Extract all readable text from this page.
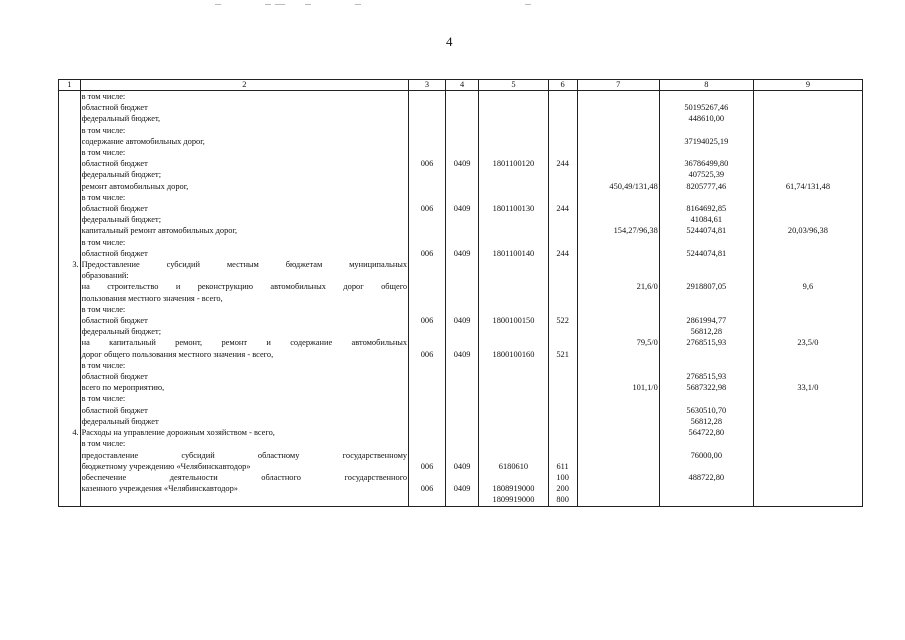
4
1	2	3	4	5	6	7	8	9
	в том числе:							
	областной бюджет						50195267,46	
	федеральный бюджет,						448610,00	
	в том числе:							
	содержание автомобильных дорог,						37194025,19	
	в том числе:							
	областной бюджет	006	0409	1801100120	244		36786499,80	
	федеральный бюджет;						407525,39	
	ремонт автомобильных дорог,					450,49/131,48	8205777,46	61,74/131,48
	в том числе:							
	областной бюджет	006	0409	1801100130	244		8164692,85	
	федеральный бюджет;						41084,61	
	капитальный ремонт автомобильных дорог,					154,27/96,38	5244074,81	20,03/96,38
	в том числе:							
	областной бюджет	006	0409	1801100140	244		5244074,81	
3.	Предоставление субсидий местным бюджетам муниципальных							
	образований:							
	на строительство и реконструкцию автомобильных дорог общего					21,6/0	2918807,05	9,6
	пользования местного значения - всего,							
	в том числе:							
	областной бюджет	006	0409	1800100150	522		2861994,77	
	федеральный бюджет;						56812,28	
	на капитальный ремонт, ремонт и содержание автомобильных					79,5/0	2768515,93	23,5/0
	дорог общего пользования местного значения - всего,	006	0409	1800100160	521			
	в том числе:							
	областной бюджет						2768515,93	
	всего по мероприятию,					101,1/0	5687322,98	33,1/0
	в том числе:							
	областной бюджет						5630510,70	
	федеральный бюджет						56812,28	
4.	Расходы на управление дорожным хозяйством - всего,						564722,80	
	в том числе:							
	предоставление субсидий областному государственному						76000,00	
	бюджетному учреждению «Челябинскавтодор»	006	0409	6180610	611			
	обеспечение деятельности областного государственного				100		488722,80	
	казенного учреждения «Челябинскавтодор»	006	0409	1808919000	200			
				1809919000	800			
